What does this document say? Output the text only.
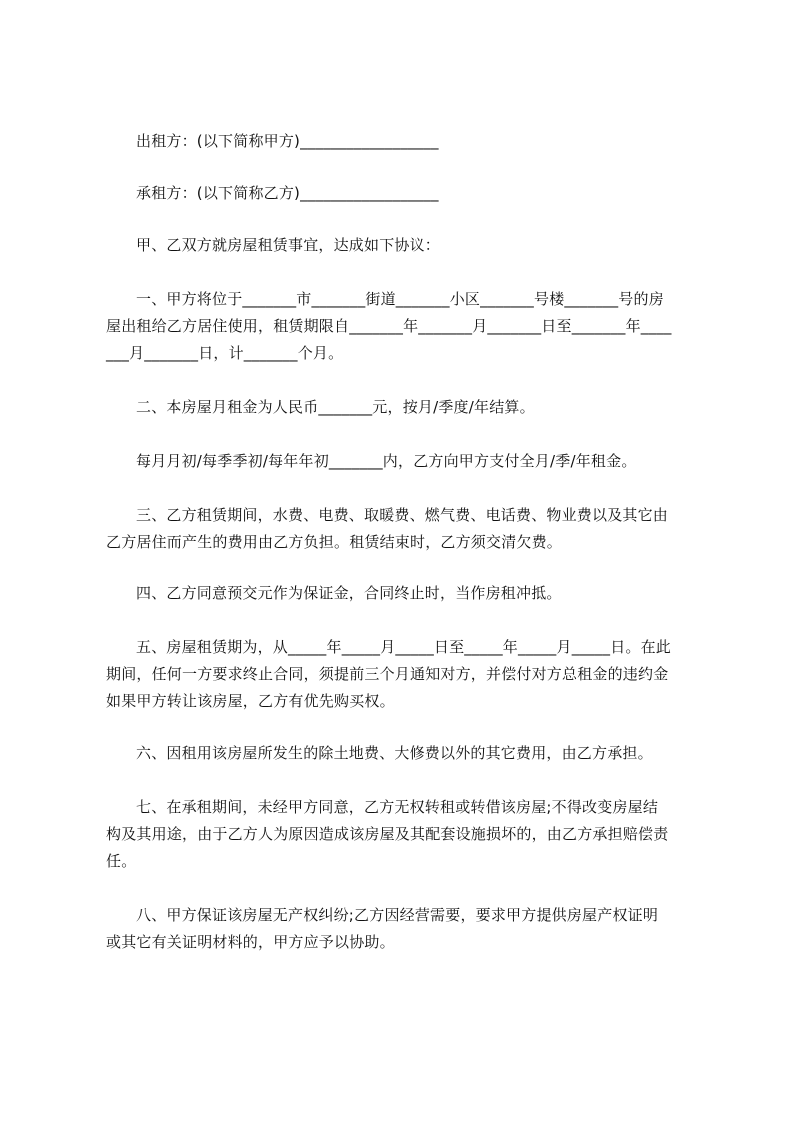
出租方：(以下简称甲方)__________________

承租方：(以下简称乙方)__________________

甲、乙双方就房屋租赁事宜，达成如下协议：

一、甲方将位于_______市_______街道_______小区_______号楼_______号的房
屋出租给乙方居住使用，租赁期限自_______年_______月_______日至_______年____
___月_______日，计_______个月。

二、本房屋月租金为人民币_______元，按月/季度/年结算。

每月月初/每季季初/每年年初_______内，乙方向甲方支付全月/季/年租金。

三、乙方租赁期间，水费、电费、取暖费、燃气费、电话费、物业费以及其它由
乙方居住而产生的费用由乙方负担。租赁结束时，乙方须交清欠费。

四、乙方同意预交元作为保证金，合同终止时，当作房租冲抵。

五、房屋租赁期为，从_____年_____月_____日至_____年_____月_____日。在此
期间，任何一方要求终止合同，须提前三个月通知对方，并偿付对方总租金的违约金
如果甲方转让该房屋，乙方有优先购买权。

六、因租用该房屋所发生的除土地费、大修费以外的其它费用，由乙方承担。

七、在承租期间，未经甲方同意，乙方无权转租或转借该房屋;不得改变房屋结
构及其用途，由于乙方人为原因造成该房屋及其配套设施损坏的，由乙方承担赔偿责
任。
八、甲方保证该房屋无产权纠纷;乙方因经营需要，要求甲方提供房屋产权证明
或其它有关证明材料的，甲方应予以协助。
